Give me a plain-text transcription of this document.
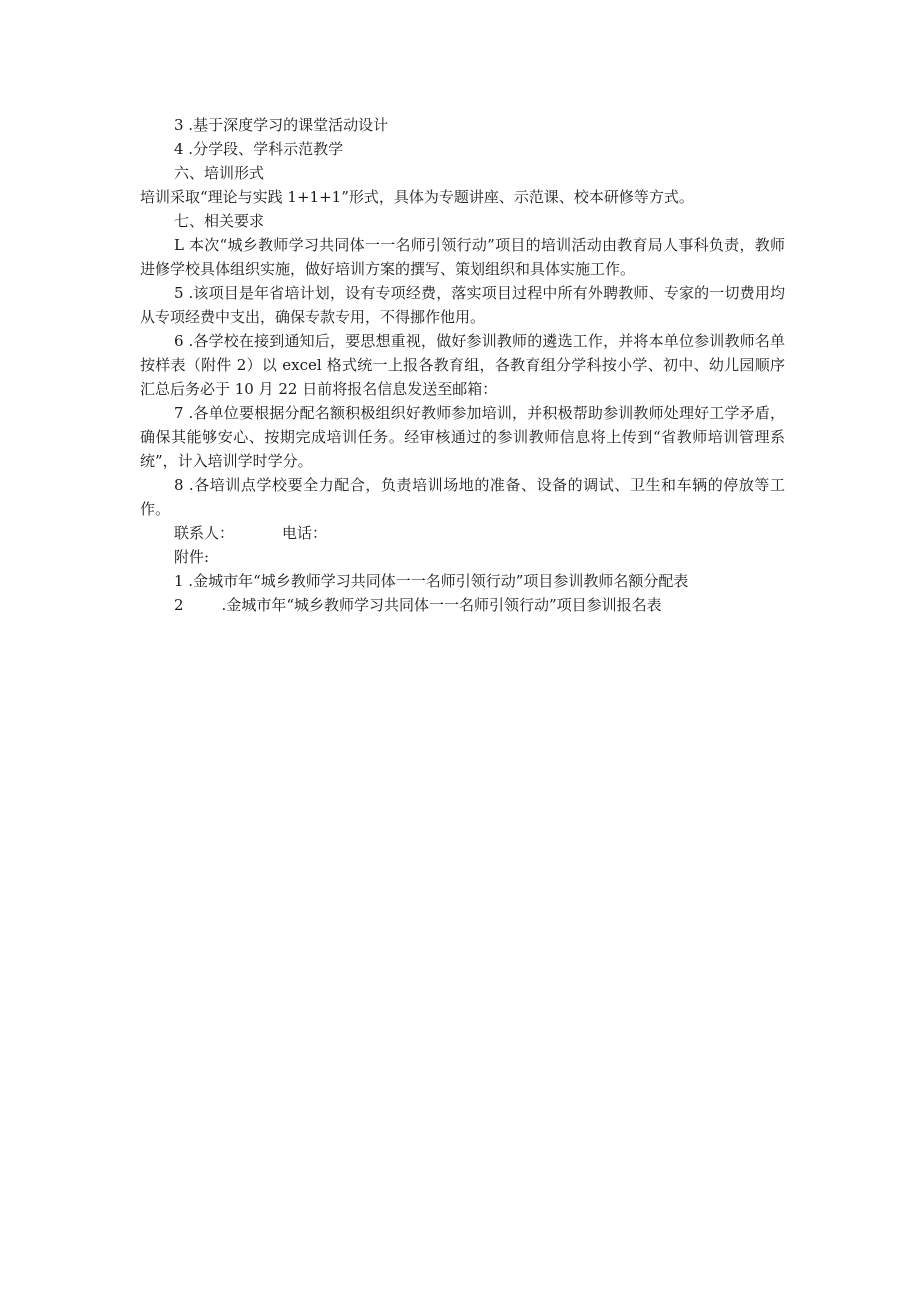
3 .基于深度学习的课堂活动设计
4 .分学段、学科示范教学
六、培训形式
培训采取“理论与实践 1+1+1”形式，具体为专题讲座、示范课、校本研修等方式。
七、相关要求

L 本次“城乡教师学习共同体一一名师引领行动”项目的培训活动由教育局人事科负责，教师进修学校具体组织实施，做好培训方案的撰写、策划组织和具体实施工作。

5 .该项目是年省培计划，设有专项经费，落实项目过程中所有外聘教师、专家的一切费用均从专项经费中支出，确保专款专用，不得挪作他用。

6 .各学校在接到通知后，要思想重视，做好参训教师的遴选工作，并将本单位参训教师名单按样表（附件 2）以 excel 格式统一上报各教育组，各教育组分学科按小学、初中、幼儿园顺序汇总后务必于 10 月 22 日前将报名信息发送至邮箱：

7 .各单位要根据分配名额积极组织好教师参加培训，并积极帮助参训教师处理好工学矛盾，确保其能够安心、按期完成培训任务。经审核通过的参训教师信息将上传到“省教师培训管理系统”，计入培训学时学分。

8 .各培训点学校要全力配合，负责培训场地的准备、设备的调试、卫生和车辆的停放等工作。

联系人：	电话：
附件:
1 .金城市年“城乡教师学习共同体一一名师引领行动”项目参训教师名额分配表
2	.金城市年“城乡教师学习共同体一一名师引领行动”项目参训报名表
